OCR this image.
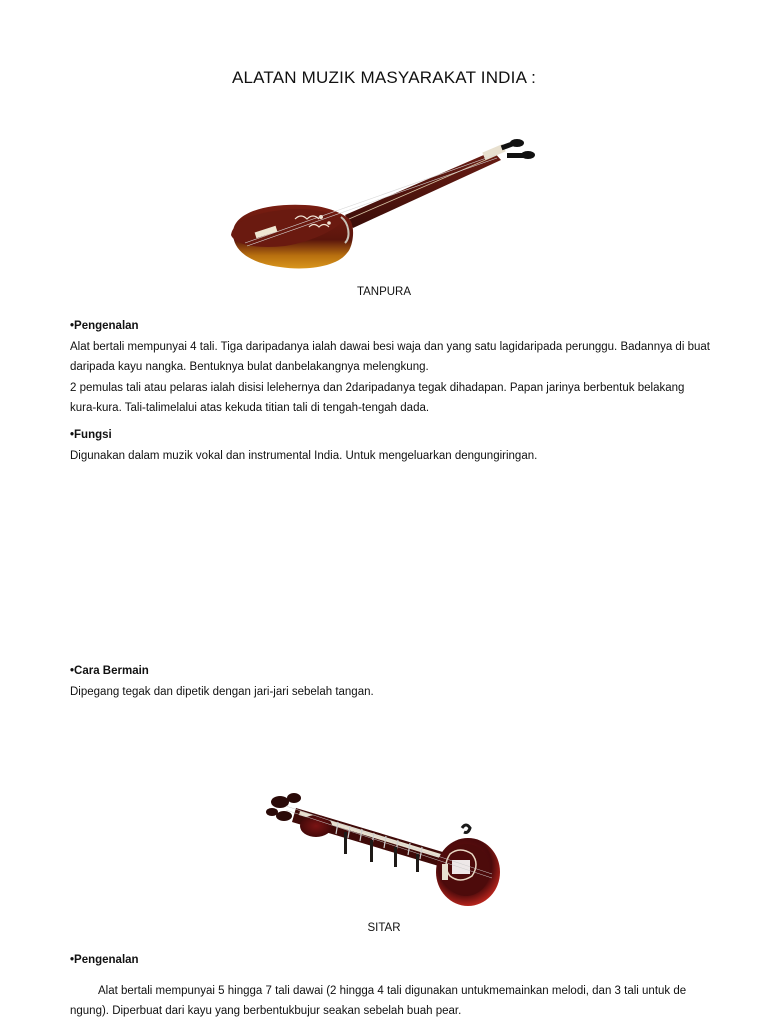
ALATAN MUZIK MASYARAKAT INDIA :
TANPURA
•Pengenalan

Alat bertali mempunyai 4 tali. Tiga daripadanya ialah dawai besi waja dan yang satu lagidaripada perunggu. Badannya di buat daripada kayu nangka. Bentuknya bulat danbelakangnya melengkung.

2 pemulas tali atau pelaras ialah disisi lelehernya dan 2daripadanya tegak dihadapan. Papan jarinya berbentuk belakang kura-kura. Tali-talimelalui atas kekuda titian tali di tengah-tengah dada.

•Fungsi

Digunakan dalam muzik vokal dan instrumental India. Untuk mengeluarkan dengungiringan.

•Cara Bermain

Dipegang tegak dan dipetik dengan jari-jari sebelah tangan.

SITAR
•Pengenalan

Alat bertali mempunyai 5 hingga 7 tali dawai (2 hingga 4 tali digunakan untukmemainkan melodi, dan 3 tali untuk de ngung). Diperbuat dari kayu yang berbentukbujur seakan sebelah buah pear.
